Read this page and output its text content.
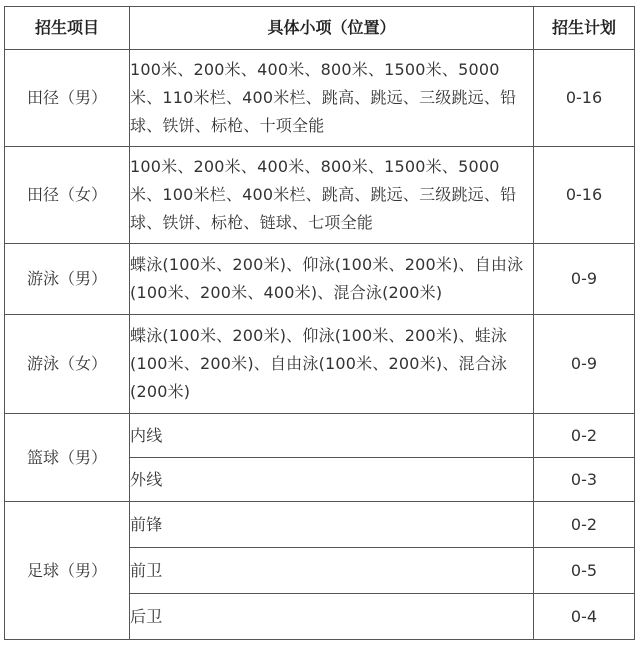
招生项目	具体小项（位置）	招生计划
田径（男）	100米、200米、400米、800米、1500米、5000米、110米栏、400米栏、跳高、跳远、三级跳远、铅球、铁饼、标枪、十项全能	0-16
田径（女）	100米、200米、400米、800米、1500米、5000米、100米栏、400米栏、跳高、跳远、三级跳远、铅球、铁饼、标枪、链球、七项全能	0-16
游泳（男）	蝶泳(100米、200米)、仰泳(100米、200米)、自由泳(100米、200米、400米)、混合泳(200米)	0-9
游泳（女）	蝶泳(100米、200米)、仰泳(100米、200米)、蛙泳(100米、200米)、自由泳(100米、200米)、混合泳(200米)	0-9
篮球（男）	内线	0-2
	外线	0-3
足球（男）	前锋	0-2
	前卫	0-5
	后卫	0-4
